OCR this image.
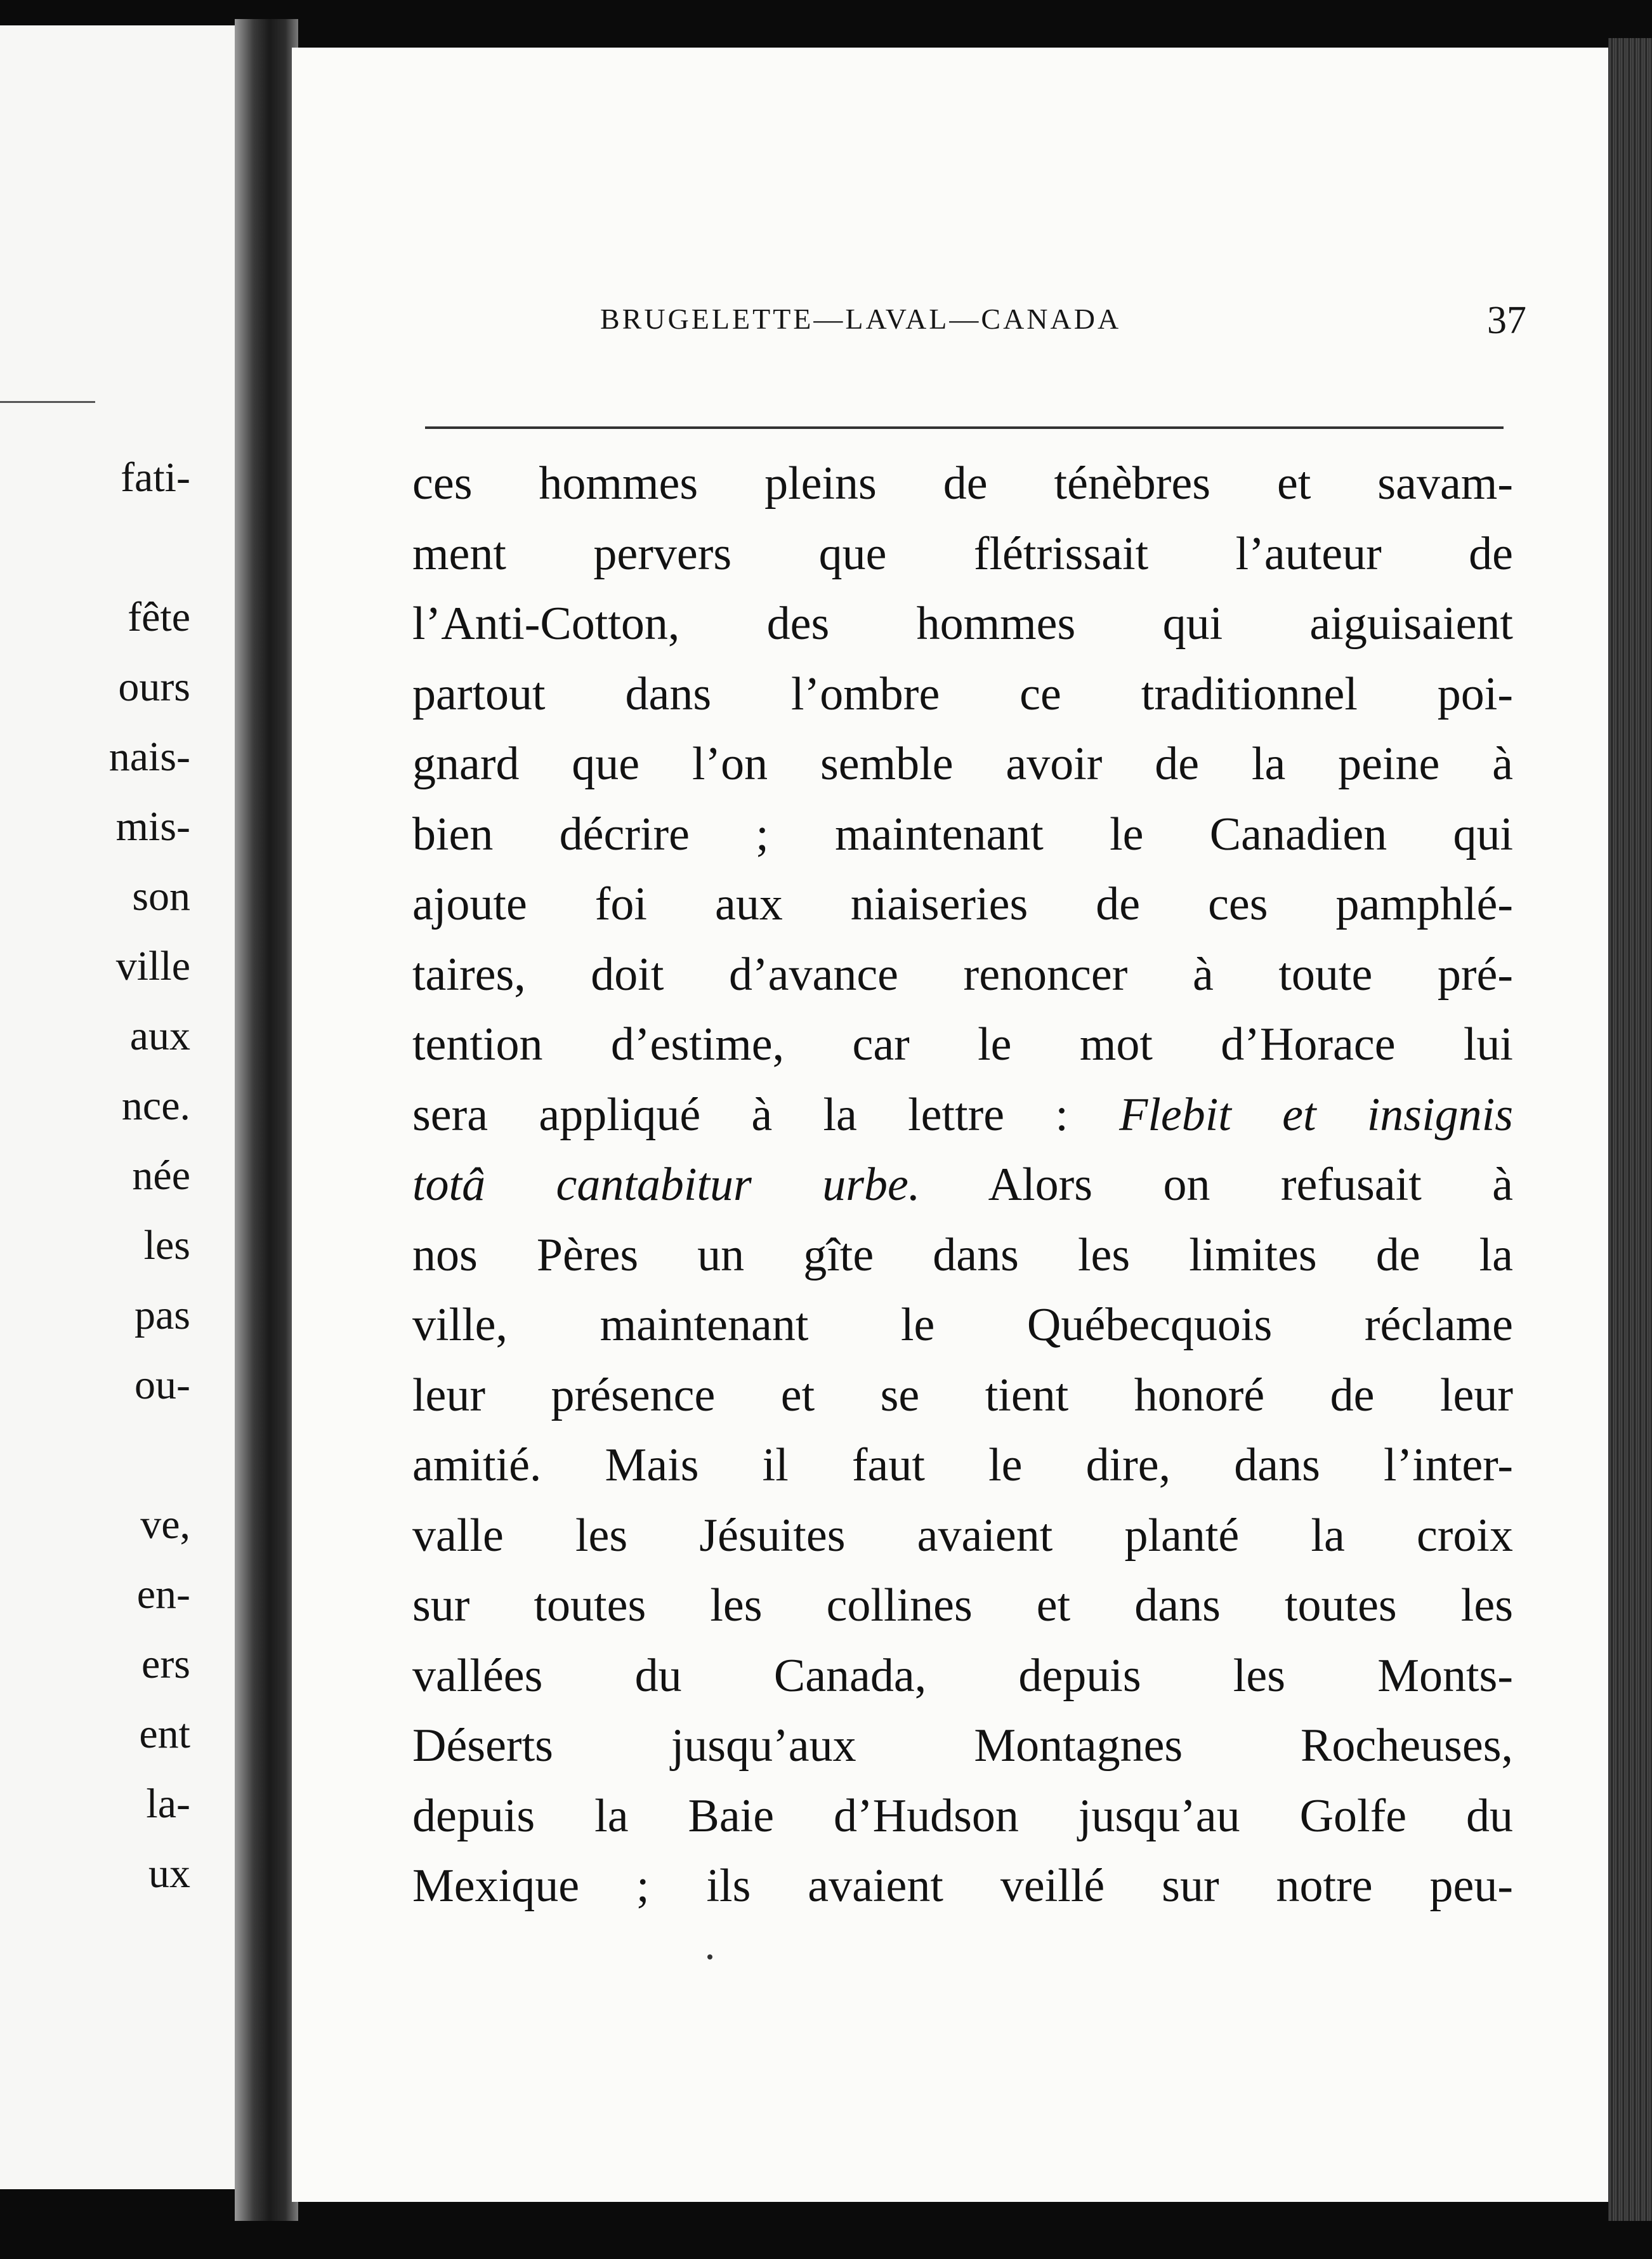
fati-
fête
ours
nais-
mis-
son
ville
aux
nce.
née
les
pas
ou-
ve,
en-
ers
ent
la-
ux
BRUGELETTE—LAVAL—CANADA	37
ces hommes pleins de ténèbres et savam-
ment pervers que flétrissait l’auteur de
l’Anti-Cotton, des hommes qui aiguisaient
partout dans l’ombre ce traditionnel poi-
gnard que l’on semble avoir de la peine à
bien décrire ; maintenant le Canadien qui
ajoute foi aux niaiseries de ces pamphlé-
taires, doit d’avance renoncer à toute pré-
tention d’estime, car le mot d’Horace lui
sera appliqué à la lettre : Flebit et insignis
totâ cantabitur urbe. Alors on refusait à
nos Pères un gîte dans les limites de la
ville, maintenant le Québecquois réclame
leur présence et se tient honoré de leur
amitié. Mais il faut le dire, dans l’inter-
valle les Jésuites avaient planté la croix
sur toutes les collines et dans toutes les
vallées du Canada, depuis les Monts-
Déserts jusqu’aux Montagnes Rocheuses,
depuis la Baie d’Hudson jusqu’au Golfe du
Mexique ; ils avaient veillé sur notre peu-
